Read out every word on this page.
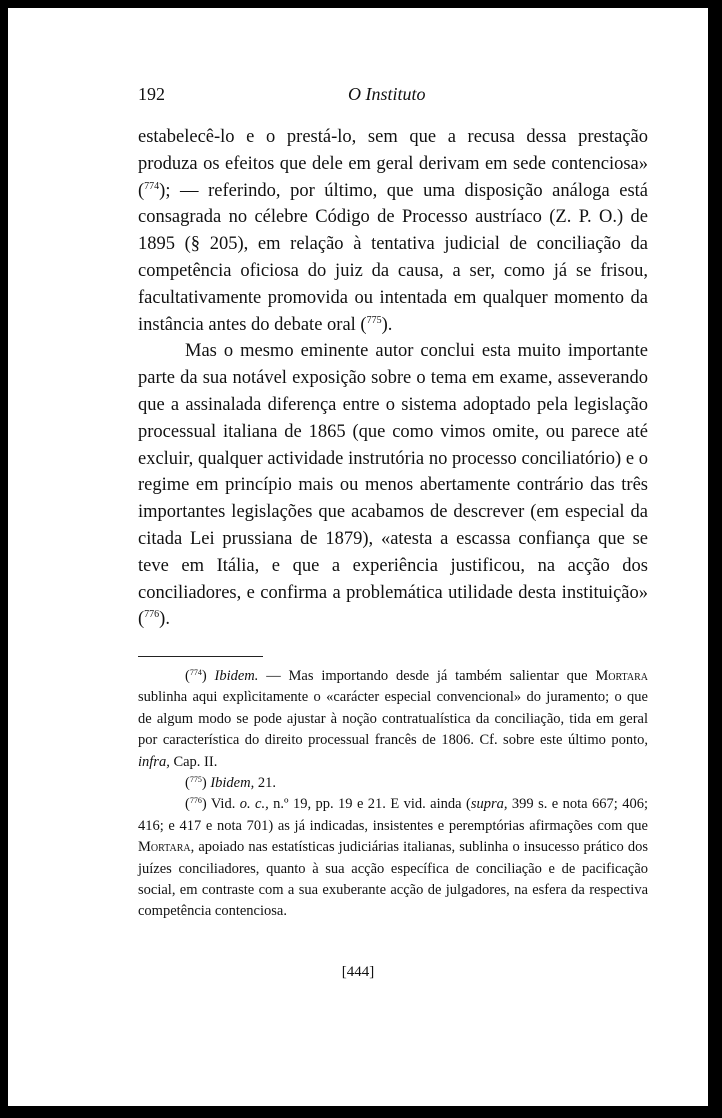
192	O Instituto

estabelecê-lo e o prestá-lo, sem que a recusa dessa prestação produza os efeitos que dele em geral derivam em sede contenciosa» ($^{774}$); — referindo, por último, que uma disposição análoga está consagrada no célebre Código de Processo austríaco (Z. P. O.) de 1895 (§ 205), em relação à tentativa judicial de conciliação da competência oficiosa do juiz da causa, a ser, como já se frisou, facultativamente promovida ou intentada em qualquer momento da instância antes do debate oral ($^{775}$).

Mas o mesmo eminente autor conclui esta muito importante parte da sua notável exposição sobre o tema em exame, asseverando que a assinalada diferença entre o sistema adoptado pela legislação processual italiana de 1865 (que como vimos omite, ou parece até excluir, qualquer actividade instrutória no processo conciliatório) e o regime em princípio mais ou menos abertamente contrário das três importantes legislações que acabamos de descrever (em especial da citada Lei prussiana de 1879), «atesta a escassa confiança que se teve em Itália, e que a experiência justificou, na acção dos conciliadores, e confirma a problemática utilidade desta instituição» ($^{776}$).

($^{774}$) Ibidem. — Mas importando desde já também salientar que Mortara sublinha aqui explìcitamente o «carácter especial convencional» do juramento; o que de algum modo se pode ajustar à noção contratualística da conciliação, tida em geral por característica do direito processual francês de 1806. Cf. sobre este último ponto, infra, Cap. II.

($^{775}$) Ibidem, 21.

($^{776}$) Vid. o. c., n.º 19, pp. 19 e 21. E vid. ainda (supra, 399 s. e nota 667; 406; 416; e 417 e nota 701) as já indicadas, insistentes e peremptórias afirmações com que Mortara, apoiado nas estatísticas judiciárias italianas, sublinha o insucesso prático dos juízes conciliadores, quanto à sua acção específica de conciliação e de pacificação social, em contraste com a sua exuberante acção de julgadores, na esfera da respectiva competência contenciosa.

[444]
